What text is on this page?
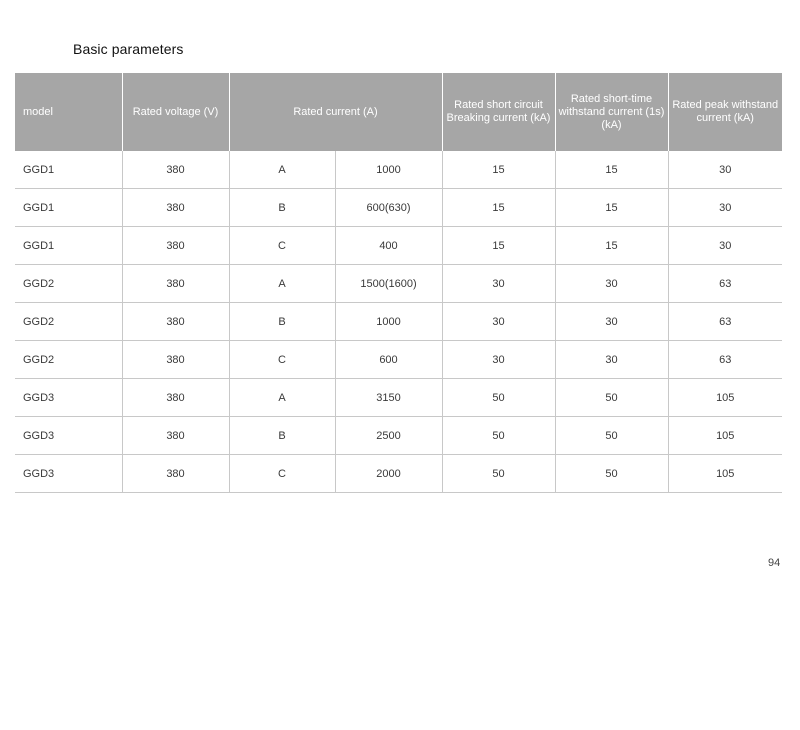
Basic parameters
model	Rated voltage (V)	Rated current (A)		Rated short circuit Breaking current (kA)	Rated short-time withstand current (1s)(kA)	Rated peak withstand current (kA)
GGD1	380	A	1000	15	15	30
GGD1	380	B	600(630)	15	15	30
GGD1	380	C	400	15	15	30
GGD2	380	A	1500(1600)	30	30	63
GGD2	380	B	1000	30	30	63
GGD2	380	C	600	30	30	63
GGD3	380	A	3150	50	50	105
GGD3	380	B	2500	50	50	105
GGD3	380	C	2000	50	50	105
94
